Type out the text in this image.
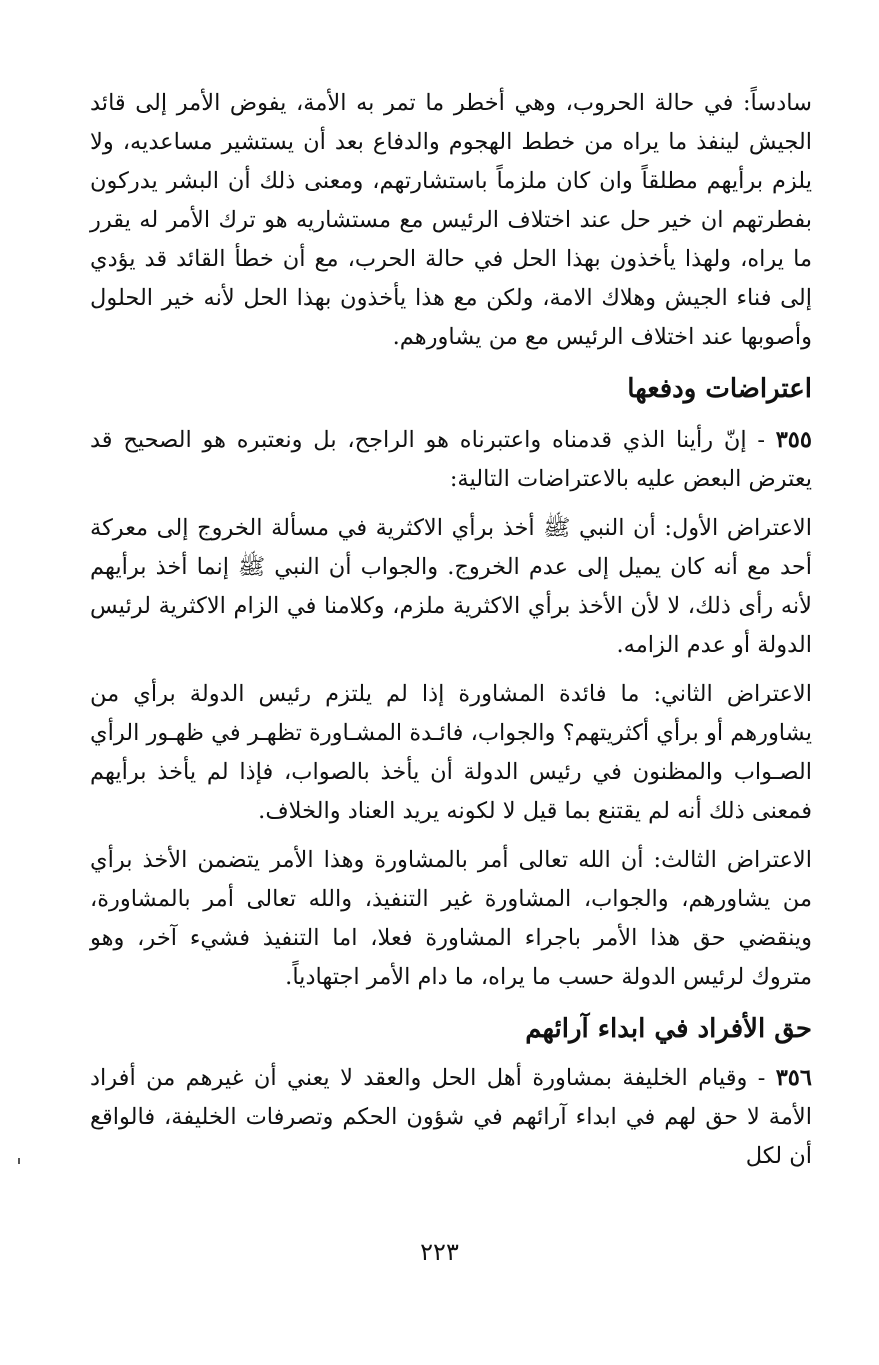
سادساً: في حالة الحروب، وهي أخطر ما تمر به الأمة، يفوض الأمر إلى قائد الجيش لينفذ ما يراه من خطط الهجوم والدفاع بعد أن يستشير مساعديه، ولا يلزم برأيهم مطلقاً وان كان ملزماً باستشارتهم، ومعنى ذلك أن البشر يدركون بفطرتهم ان خير حل عند اختلاف الرئيس مع مستشاريه هو ترك الأمر له يقرر ما يراه، ولهذا يأخذون بهذا الحل في حالة الحرب، مع أن خطأ القائد قد يؤدي إلى فناء الجيش وهلاك الامة، ولكن مع هذا يأخذون بهذا الحل لأنه خير الحلول وأصوبها عند اختلاف الرئيس مع من يشاورهم.

اعتراضات ودفعها

٣٥٥ - إنّ رأينا الذي قدمناه واعتبرناه هو الراجح، بل ونعتبره هو الصحيح قد يعترض البعض عليه بالاعتراضات التالية:

الاعتراض الأول: أن النبي ﷺ أخذ برأي الاكثرية في مسألة الخروج إلى معركة أحد مع أنه كان يميل إلى عدم الخروج. والجواب أن النبي ﷺ إنما أخذ برأيهم لأنه رأى ذلك، لا لأن الأخذ برأي الاكثرية ملزم، وكلامنا في الزام الاكثرية لرئيس الدولة أو عدم الزامه.

الاعتراض الثاني: ما فائدة المشاورة إذا لم يلتزم رئيس الدولة برأي من يشاورهم أو برأي أكثريتهم؟ والجواب، فائـدة المشـاورة تظهـر في ظهـور الرأي الصـواب والمظنون في رئيس الدولة أن يأخذ بالصواب، فإذا لم يأخذ برأيهم فمعنى ذلك أنه لم يقتنع بما قيل لا لكونه يريد العناد والخلاف.

الاعتراض الثالث: أن الله تعالى أمر بالمشاورة وهذا الأمر يتضمن الأخذ برأي من يشاورهم، والجواب، المشاورة غير التنفيذ، والله تعالى أمر بالمشاورة، وينقضي حق هذا الأمر باجراء المشاورة فعلا، اما التنفيذ فشيء آخر، وهو متروك لرئيس الدولة حسب ما يراه، ما دام الأمر اجتهادياً.

حق الأفراد في ابداء آرائهم

٣٥٦ - وقيام الخليفة بمشاورة أهل الحل والعقد لا يعني أن غيرهم من أفراد الأمة لا حق لهم في ابداء آرائهم في شؤون الحكم وتصرفات الخليفة، فالواقع أن لكل

٢٢٣
